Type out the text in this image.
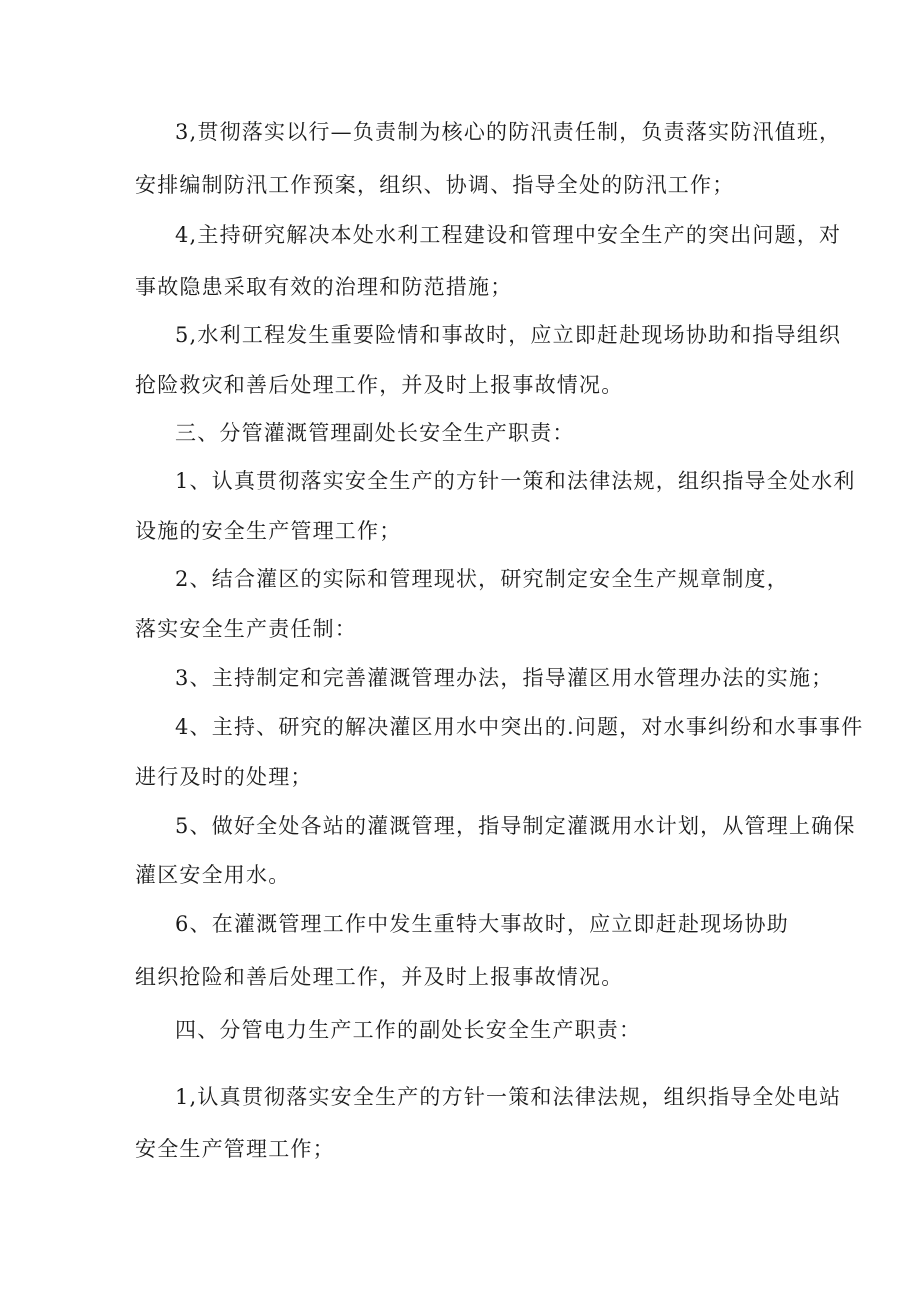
3,贯彻落实以行—负责制为核心的防汛责任制，负责落实防汛值班，
安排编制防汛工作预案，组织、协调、指导全处的防汛工作；
4,主持研究解决本处水利工程建设和管理中安全生产的突出问题，对
事故隐患采取有效的治理和防范措施；
5,水利工程发生重要险情和事故时，应立即赶赴现场协助和指导组织
抢险救灾和善后处理工作，并及时上报事故情况。
三、分管灌溉管理副处长安全生产职责：
1、认真贯彻落实安全生产的方针一策和法律法规，组织指导全处水利
设施的安全生产管理工作；
2、结合灌区的实际和管理现状，研究制定安全生产规章制度，
落实安全生产责任制：
3、主持制定和完善灌溉管理办法，指导灌区用水管理办法的实施；
4、主持、研究的解决灌区用水中突出的.问题，对水事纠纷和水事事件
进行及时的处理；
5、做好全处各站的灌溉管理，指导制定灌溉用水计划，从管理上确保
灌区安全用水。
6、在灌溉管理工作中发生重特大事故时，应立即赶赴现场协助
组织抢险和善后处理工作，并及时上报事故情况。
四、分管电力生产工作的副处长安全生产职责：
1,认真贯彻落实安全生产的方针一策和法律法规，组织指导全处电站
安全生产管理工作；
